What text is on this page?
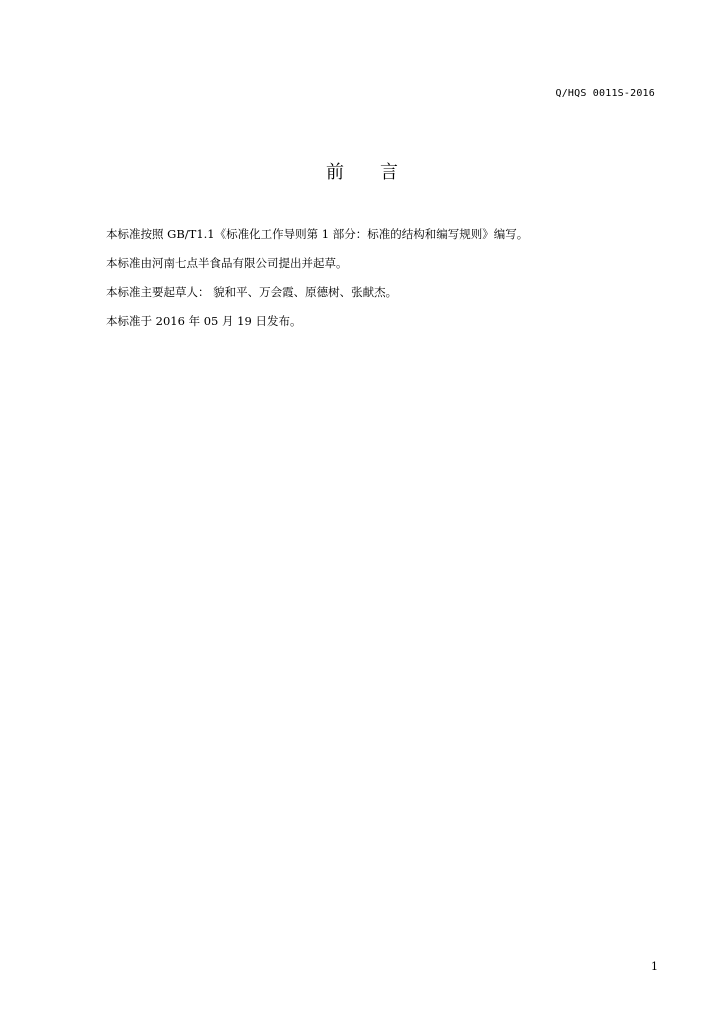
Q/HQS 0011S-2016
前言

本标准按照 GB/T1.1《标准化工作导则第 1 部分：标准的结构和编写规则》编写。

本标准由河南七点半食品有限公司提出并起草。

本标准主要起草人： 貌和平、万会霞、原德树、张献杰。

本标准于 2016 年 05 月 19 日发布。

1
